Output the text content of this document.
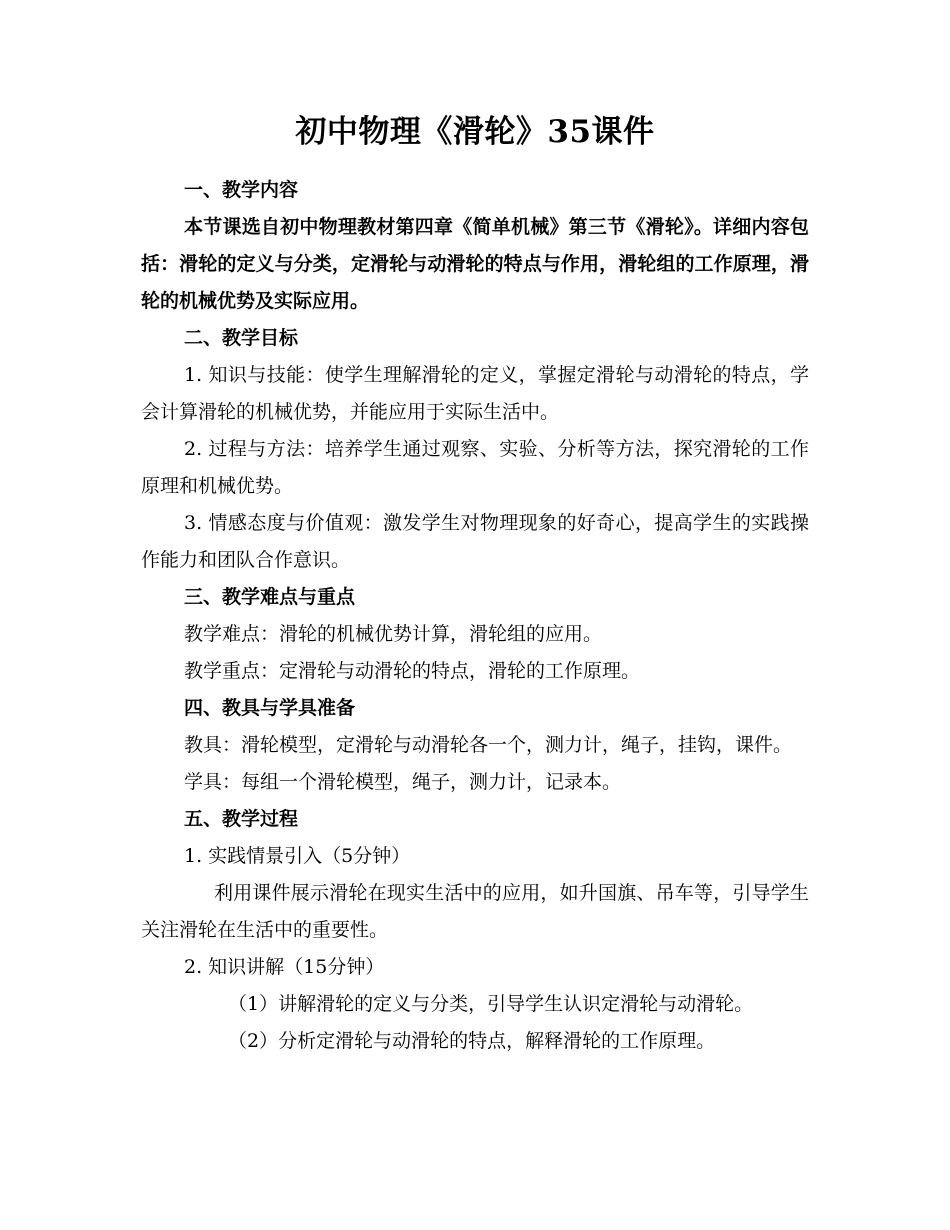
初中物理《滑轮》35课件

一、教学内容

本节课选自初中物理教材第四章《简单机械》第三节《滑轮》。详细内容包括：滑轮的定义与分类，定滑轮与动滑轮的特点与作用，滑轮组的工作原理，滑轮的机械优势及实际应用。

二、教学目标

1. 知识与技能：使学生理解滑轮的定义，掌握定滑轮与动滑轮的特点，学会计算滑轮的机械优势，并能应用于实际生活中。

2. 过程与方法：培养学生通过观察、实验、分析等方法，探究滑轮的工作原理和机械优势。

3. 情感态度与价值观：激发学生对物理现象的好奇心，提高学生的实践操作能力和团队合作意识。

三、教学难点与重点

教学难点：滑轮的机械优势计算，滑轮组的应用。

教学重点：定滑轮与动滑轮的特点，滑轮的工作原理。

四、教具与学具准备

教具：滑轮模型，定滑轮与动滑轮各一个，测力计，绳子，挂钩，课件。

学具：每组一个滑轮模型，绳子，测力计，记录本。

五、教学过程

1. 实践情景引入（5分钟）

利用课件展示滑轮在现实生活中的应用，如升国旗、吊车等，引导学生关注滑轮在生活中的重要性。

2. 知识讲解（15分钟）

（1）讲解滑轮的定义与分类，引导学生认识定滑轮与动滑轮。

（2）分析定滑轮与动滑轮的特点，解释滑轮的工作原理。
